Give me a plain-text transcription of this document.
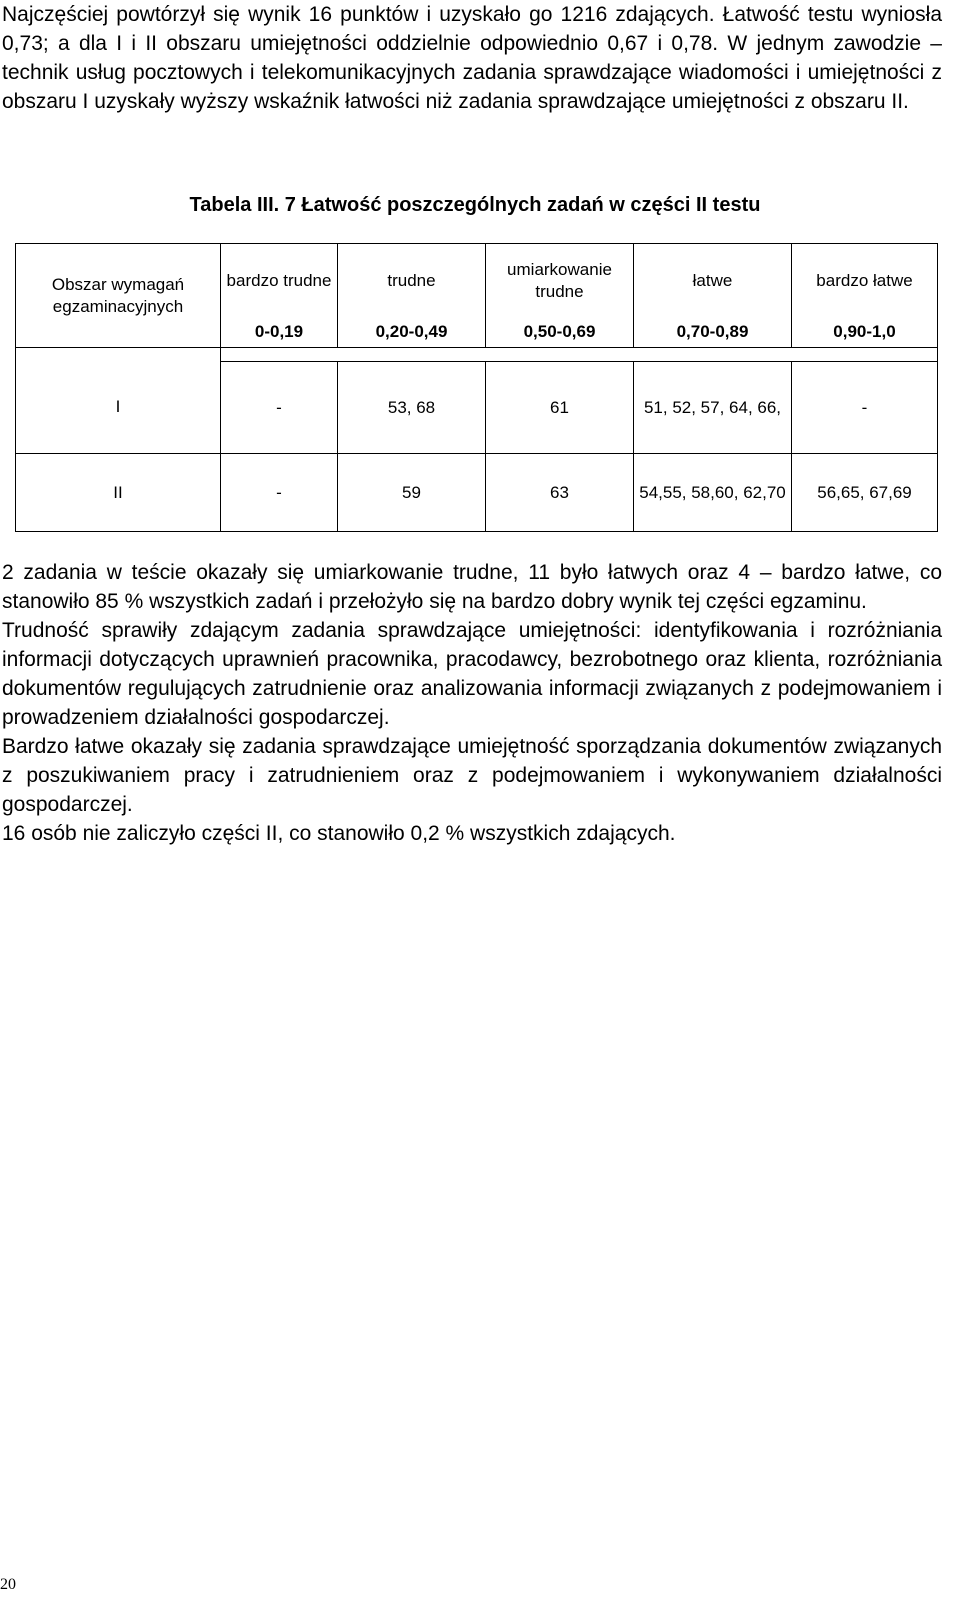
Najczęściej powtórzył się wynik 16 punktów i uzyskało go 1216 zdających. Łatwość testu wyniosła 0,73; a dla I i II obszaru umiejętności oddzielnie odpowiednio 0,67 i 0,78. W jednym zawodzie – technik usług pocztowych i telekomunikacyjnych zadania sprawdzające wiadomości i umiejętności z obszaru I uzyskały wyższy wskaźnik łatwości niż zadania sprawdzające umiejętności z obszaru II.

Tabela III. 7 Łatwość poszczególnych zadań w części II testu
Obszar wymagań egzaminacyjnych	bardzo trudne	trudne	umiarkowanie trudne	łatwe	bardzo łatwe
	0-0,19	0,20-0,49	0,50-0,69	0,70-0,89	0,90-1,0

I	-	53, 68	61	51, 52, 57, 64, 66,	-
II	-	59	63	54,55, 58,60, 62,70	56,65, 67,69

2 zadania w teście okazały się umiarkowanie trudne, 11 było łatwych oraz 4 – bardzo łatwe, co stanowiło 85 % wszystkich zadań i przełożyło się na bardzo dobry wynik tej części egzaminu.

Trudność sprawiły zdającym zadania sprawdzające umiejętności: identyfikowania i rozróżniania informacji dotyczących uprawnień pracownika, pracodawcy, bezrobotnego oraz klienta, rozróżniania dokumentów regulujących zatrudnienie oraz analizowania informacji związanych z podejmowaniem i prowadzeniem działalności gospodarczej.

Bardzo łatwe okazały się zadania sprawdzające umiejętność sporządzania dokumentów związanych z poszukiwaniem pracy i zatrudnieniem oraz z podejmowaniem i wykonywaniem działalności gospodarczej.

16 osób nie zaliczyło części II, co stanowiło 0,2 % wszystkich zdających.

20
